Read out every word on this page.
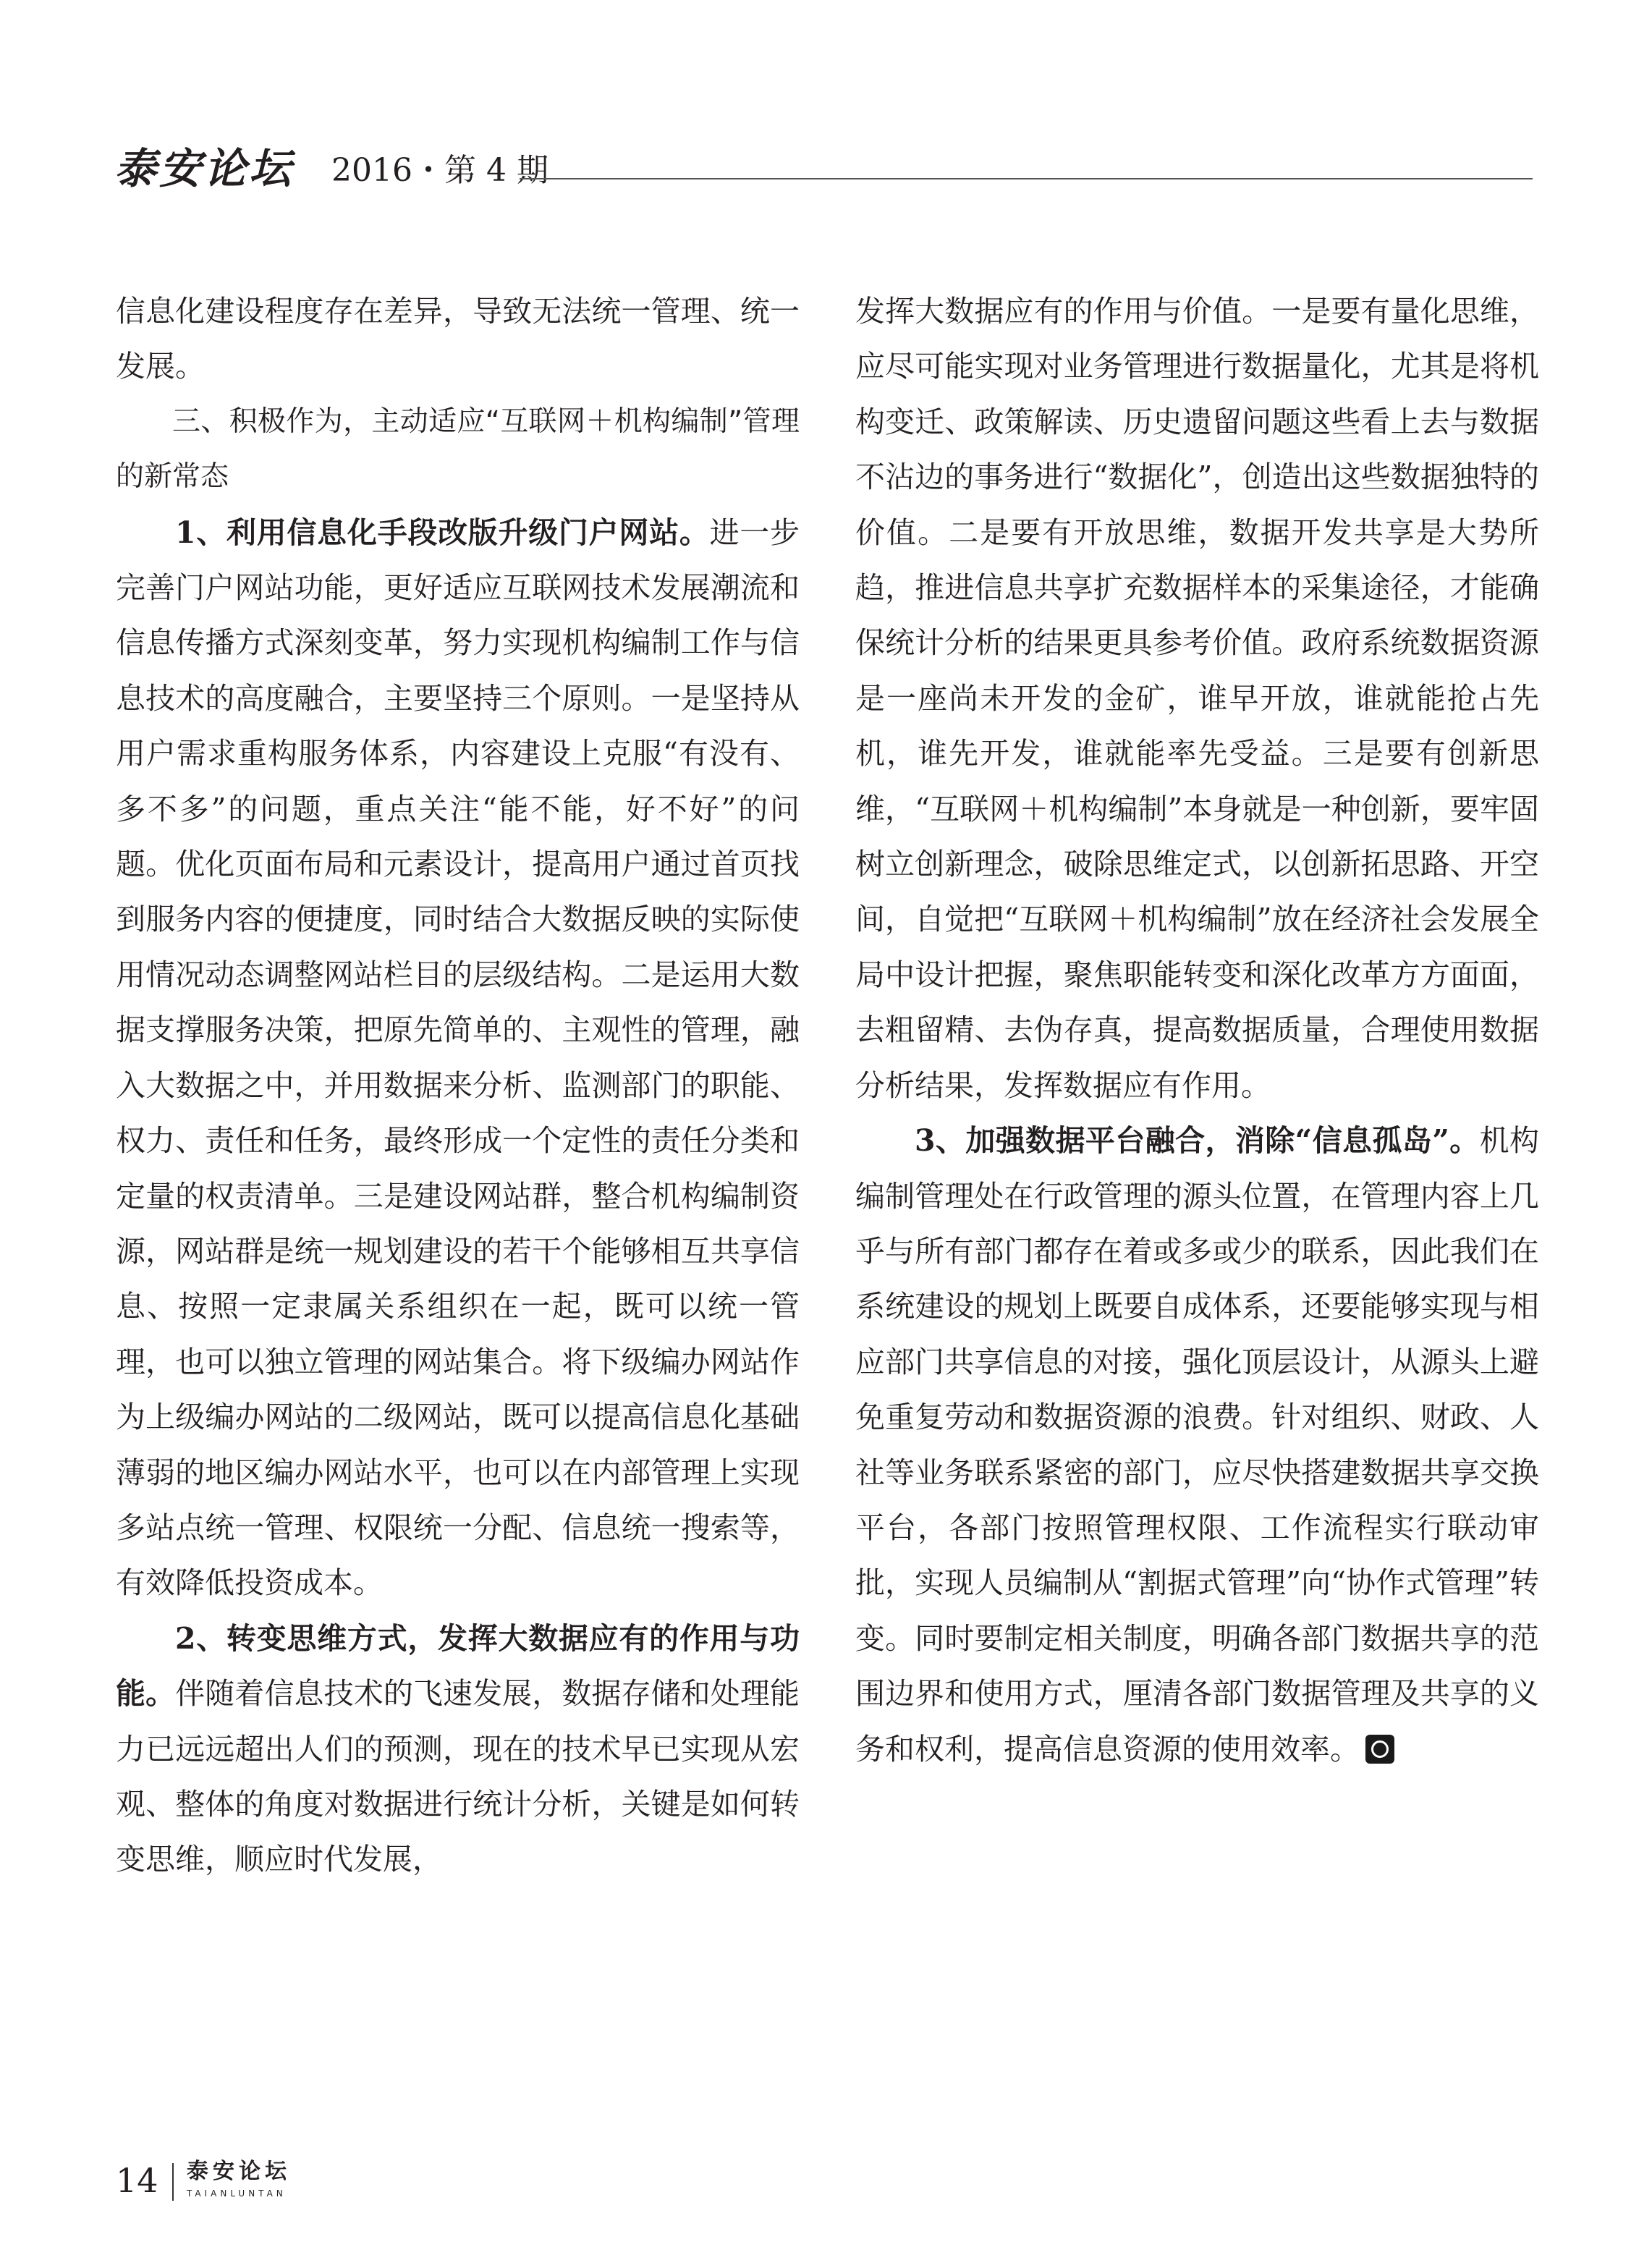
泰安论坛 2016・第 4 期

信息化建设程度存在差异，导致无法统一管理、统一发展。

三、积极作为，主动适应“互联网＋机构编制”管理的新常态

1、利用信息化手段改版升级门户网站。进一步完善门户网站功能，更好适应互联网技术发展潮流和信息传播方式深刻变革，努力实现机构编制工作与信息技术的高度融合，主要坚持三个原则。一是坚持从用户需求重构服务体系，内容建设上克服“有没有、多不多”的问题，重点关注“能不能，好不好”的问题。优化页面布局和元素设计，提高用户通过首页找到服务内容的便捷度，同时结合大数据反映的实际使用情况动态调整网站栏目的层级结构。二是运用大数据支撑服务决策，把原先简单的、主观性的管理，融入大数据之中，并用数据来分析、监测部门的职能、权力、责任和任务，最终形成一个定性的责任分类和定量的权责清单。三是建设网站群，整合机构编制资源，网站群是统一规划建设的若干个能够相互共享信息、按照一定隶属关系组织在一起，既可以统一管理，也可以独立管理的网站集合。将下级编办网站作为上级编办网站的二级网站，既可以提高信息化基础薄弱的地区编办网站水平，也可以在内部管理上实现多站点统一管理、权限统一分配、信息统一搜索等，有效降低投资成本。

2、转变思维方式，发挥大数据应有的作用与功能。伴随着信息技术的飞速发展，数据存储和处理能力已远远超出人们的预测，现在的技术早已实现从宏观、整体的角度对数据进行统计分析，关键是如何转变思维，顺应时代发展，

发挥大数据应有的作用与价值。一是要有量化思维，应尽可能实现对业务管理进行数据量化，尤其是将机构变迁、政策解读、历史遗留问题这些看上去与数据不沾边的事务进行“数据化”，创造出这些数据独特的价值。二是要有开放思维，数据开发共享是大势所趋，推进信息共享扩充数据样本的采集途径，才能确保统计分析的结果更具参考价值。政府系统数据资源是一座尚未开发的金矿，谁早开放，谁就能抢占先机，谁先开发，谁就能率先受益。三是要有创新思维，“互联网＋机构编制”本身就是一种创新，要牢固树立创新理念，破除思维定式，以创新拓思路、开空间，自觉把“互联网＋机构编制”放在经济社会发展全局中设计把握，聚焦职能转变和深化改革方方面面，去粗留精、去伪存真，提高数据质量，合理使用数据分析结果，发挥数据应有作用。

3、加强数据平台融合，消除“信息孤岛”。机构编制管理处在行政管理的源头位置，在管理内容上几乎与所有部门都存在着或多或少的联系，因此我们在系统建设的规划上既要自成体系，还要能够实现与相应部门共享信息的对接，强化顶层设计，从源头上避免重复劳动和数据资源的浪费。针对组织、财政、人社等业务联系紧密的部门，应尽快搭建数据共享交换平台，各部门按照管理权限、工作流程实行联动审批，实现人员编制从“割据式管理”向“协作式管理”转变。同时要制定相关制度，明确各部门数据共享的范围边界和使用方式，厘清各部门数据管理及共享的义务和权利，提高信息资源的使用效率。

14 泰安论坛
TAIANLUNTAN
